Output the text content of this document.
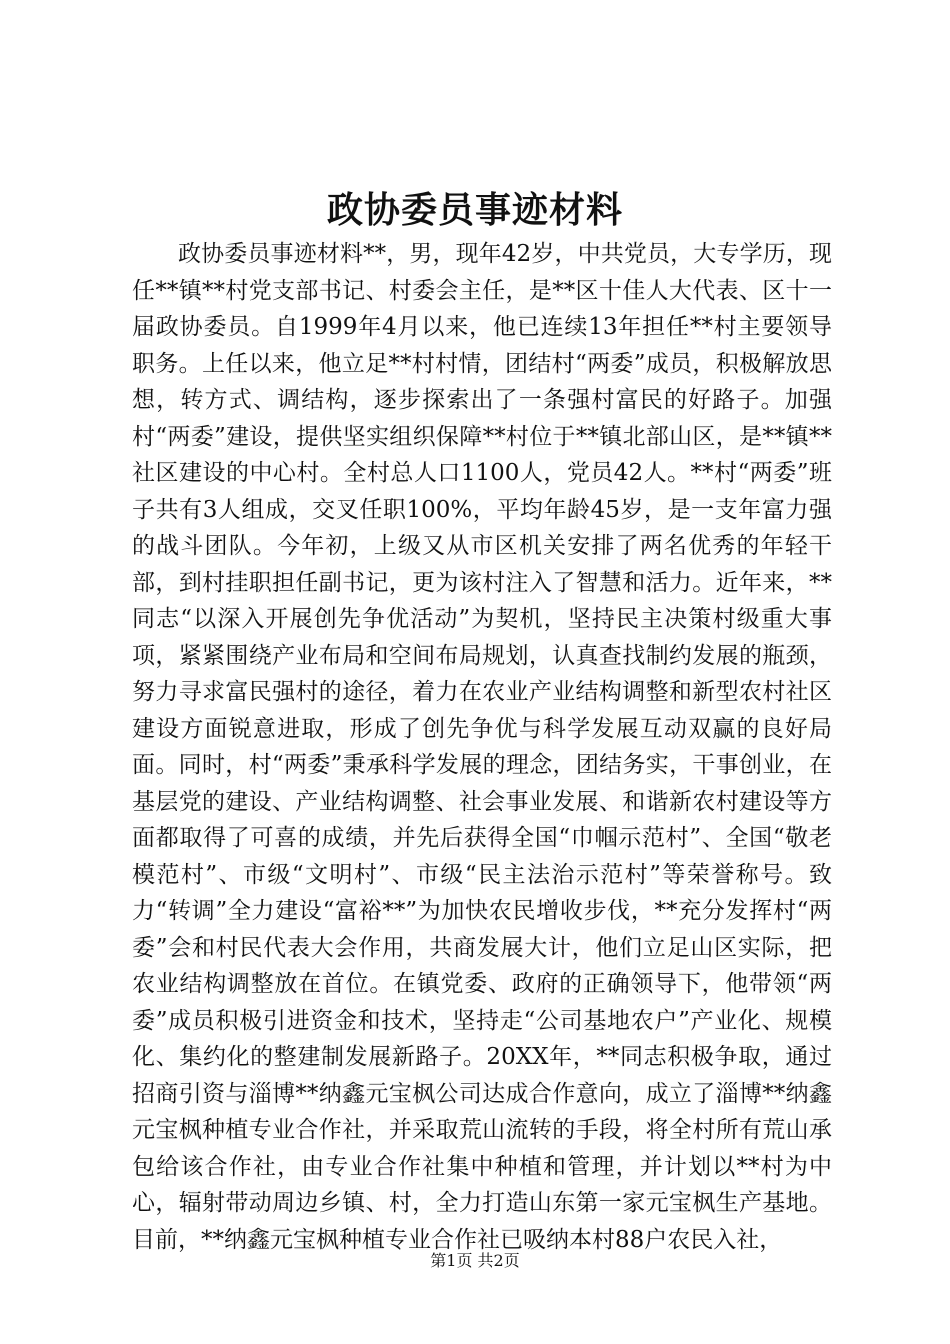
政协委员事迹材料

政协委员事迹材料**，男，现年42岁，中共党员，大专学历，现任**镇**村党支部书记、村委会主任，是**区十佳人大代表、区十一届政协委员。自1999年4月以来，他已连续13年担任**村主要领导职务。上任以来，他立足**村村情，团结村“两委”成员，积极解放思想，转方式、调结构，逐步探索出了一条强村富民的好路子。加强村“两委”建设，提供坚实组织保障**村位于**镇北部山区，是**镇**社区建设的中心村。全村总人口1100人，党员42人。**村“两委”班子共有3人组成，交叉任职100%，平均年龄45岁，是一支年富力强的战斗团队。今年初，上级又从市区机关安排了两名优秀的年轻干部，到村挂职担任副书记，更为该村注入了智慧和活力。近年来，**同志“以深入开展创先争优活动”为契机，坚持民主决策村级重大事项，紧紧围绕产业布局和空间布局规划，认真查找制约发展的瓶颈，努力寻求富民强村的途径，着力在农业产业结构调整和新型农村社区建设方面锐意进取，形成了创先争优与科学发展互动双赢的良好局面。同时，村“两委”秉承科学发展的理念，团结务实，干事创业，在基层党的建设、产业结构调整、社会事业发展、和谐新农村建设等方面都取得了可喜的成绩，并先后获得全国“巾帼示范村”、全国“敬老模范村”、市级“文明村”、市级“民主法治示范村”等荣誉称号。致力“转调”全力建设“富裕**”为加快农民增收步伐，**充分发挥村“两委”会和村民代表大会作用，共商发展大计，他们立足山区实际，把农业结构调整放在首位。在镇党委、政府的正确领导下，他带领“两委”成员积极引进资金和技术，坚持走“公司基地农户”产业化、规模化、集约化的整建制发展新路子。20XX年，**同志积极争取，通过招商引资与淄博**纳鑫元宝枫公司达成合作意向，成立了淄博**纳鑫元宝枫种植专业合作社，并采取荒山流转的手段，将全村所有荒山承包给该合作社，由专业合作社集中种植和管理，并计划以**村为中心，辐射带动周边乡镇、村，全力打造山东第一家元宝枫生产基地。目前，**纳鑫元宝枫种植专业合作社已吸纳本村88户农民入社，

第1页 共2页
